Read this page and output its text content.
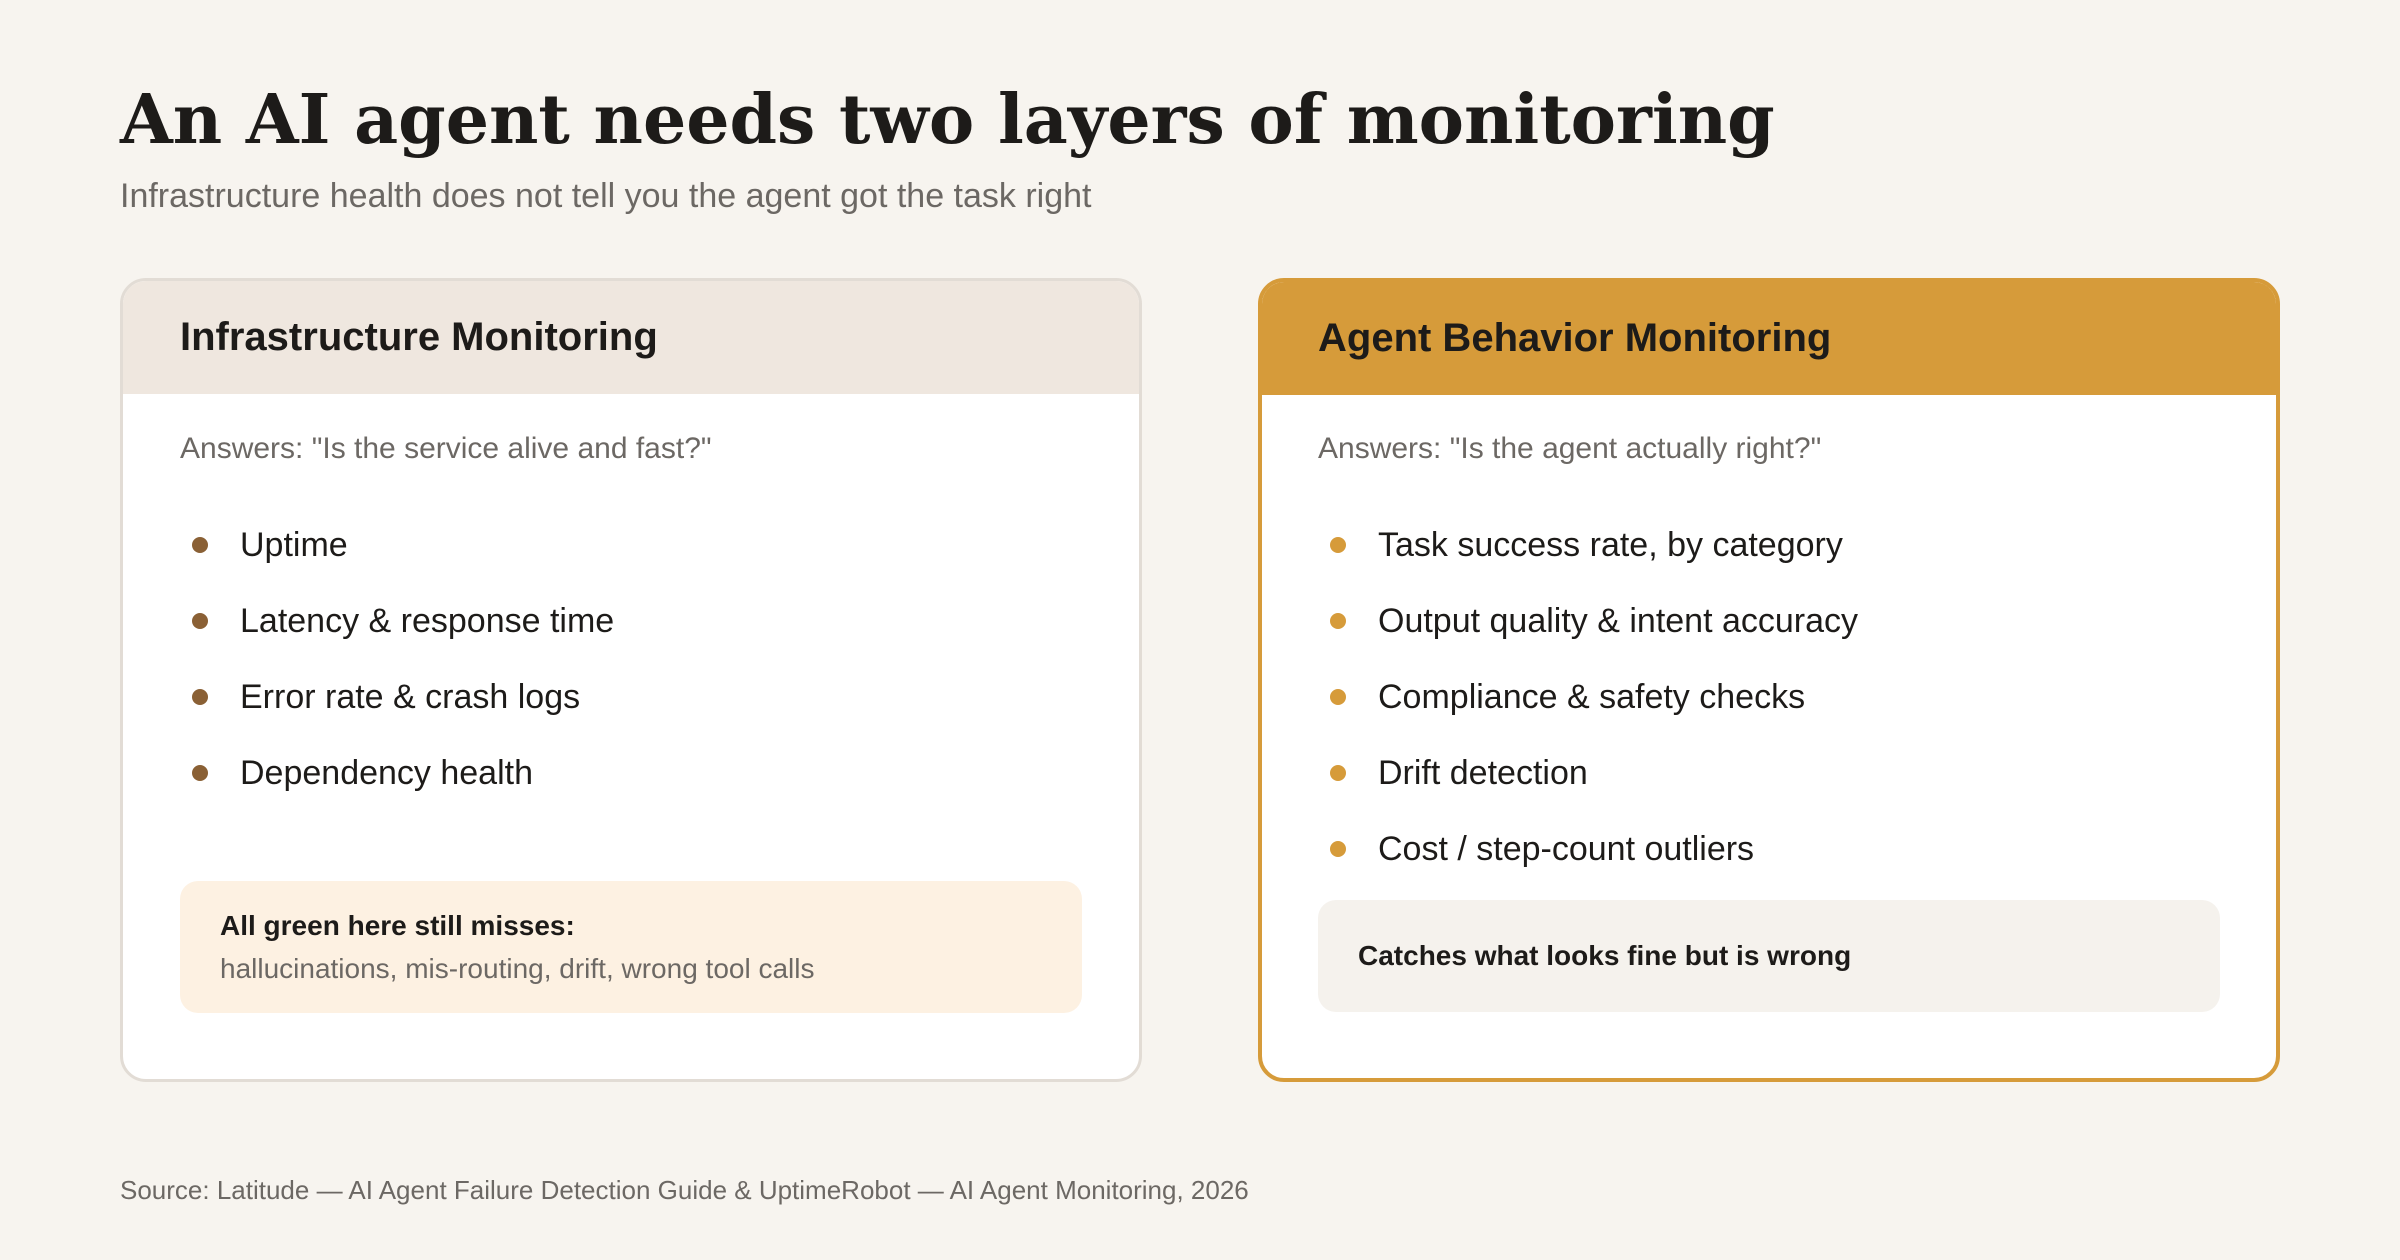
An AI agent needs two layers of monitoring

Infrastructure health does not tell you the agent got the task right

Infrastructure Monitoring

Answers: "Is the service alive and fast?"

Uptime
Latency & response time
Error rate & crash logs
Dependency health
All green here still misses:
hallucinations, mis-routing, drift, wrong tool calls
Agent Behavior Monitoring

Answers: "Is the agent actually right?"

Task success rate, by category
Output quality & intent accuracy
Compliance & safety checks
Drift detection
Cost / step-count outliers
Catches what looks fine but is wrong

Source: Latitude — AI Agent Failure Detection Guide & UptimeRobot — AI Agent Monitoring, 2026
